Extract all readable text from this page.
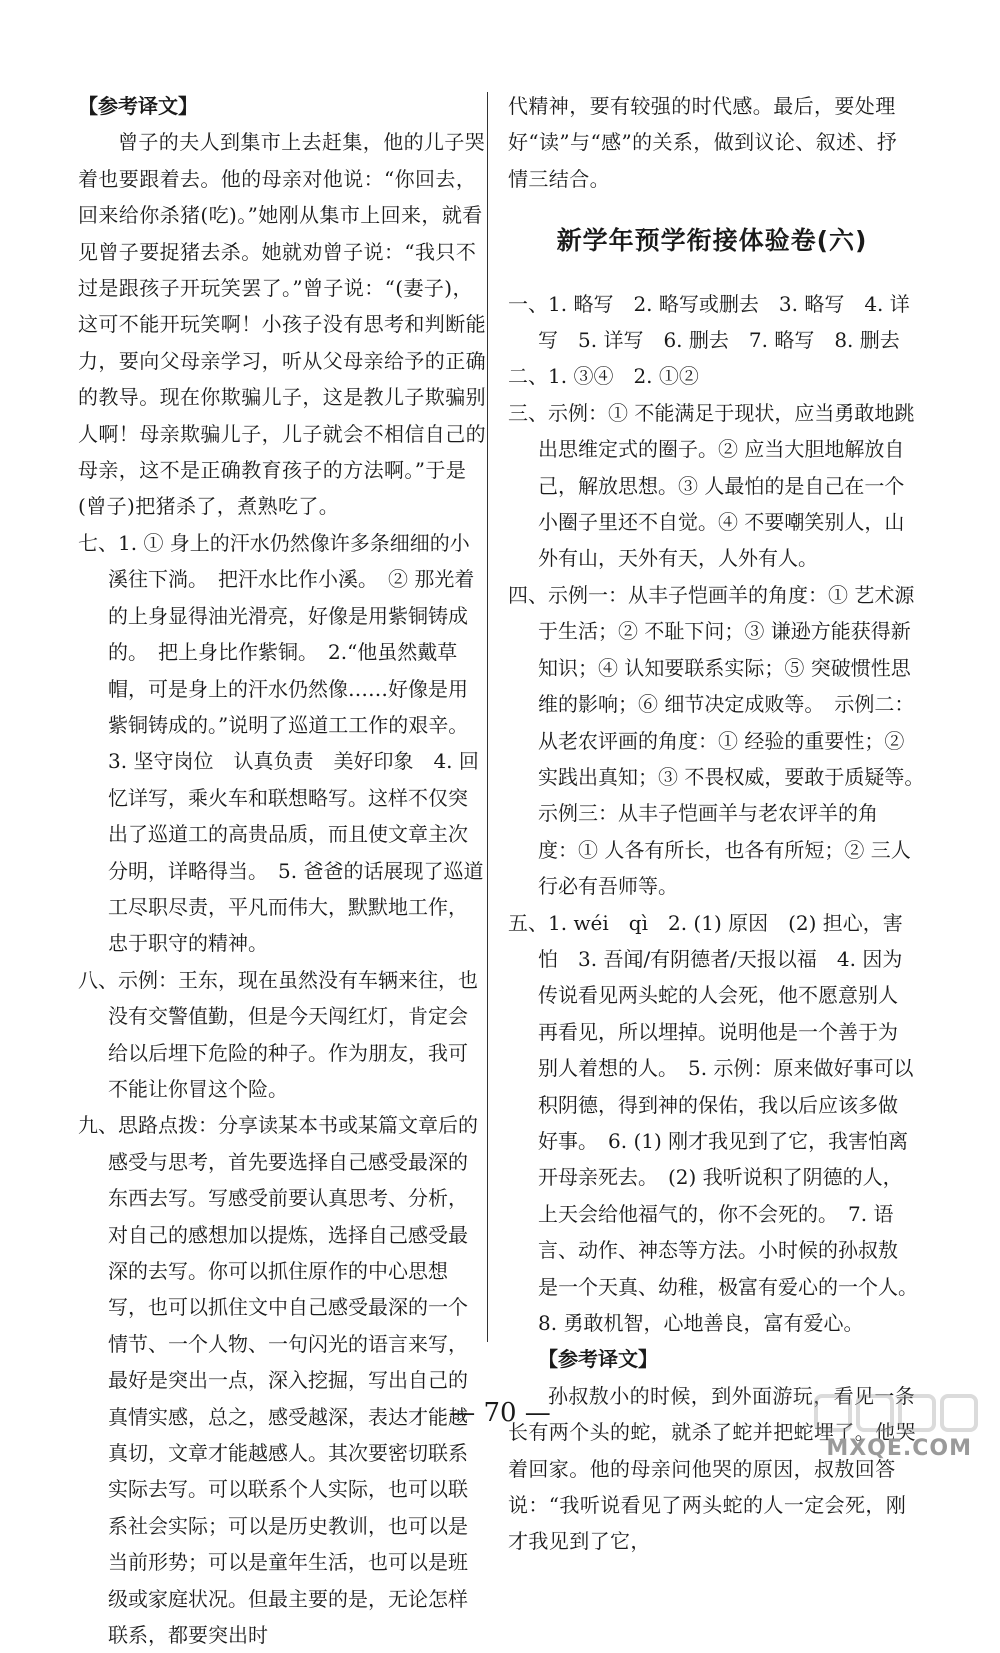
【参考译文】

曾子的夫人到集市上去赶集，他的儿子哭着也要跟着去。他的母亲对他说：“你回去，回来给你杀猪(吃)。”她刚从集市上回来，就看见曾子要捉猪去杀。她就劝曾子说：“我只不过是跟孩子开玩笑罢了。”曾子说：“(妻子)，这可不能开玩笑啊！小孩子没有思考和判断能力，要向父母亲学习，听从父母亲给予的正确的教导。现在你欺骗儿子，这是教儿子欺骗别人啊！母亲欺骗儿子，儿子就会不相信自己的母亲，这不是正确教育孩子的方法啊。”于是(曾子)把猪杀了，煮熟吃了。

七、1. ① 身上的汗水仍然像许多条细细的小溪往下淌。　把汗水比作小溪。　② 那光着的上身显得油光滑亮，好像是用紫铜铸成的。　把上身比作紫铜。　2.“他虽然戴草帽，可是身上的汗水仍然像……好像是用紫铜铸成的。”说明了巡道工工作的艰辛。　3. 坚守岗位　认真负责　美好印象　4. 回忆详写，乘火车和联想略写。这样不仅突出了巡道工的高贵品质，而且使文章主次分明，详略得当。　5. 爸爸的话展现了巡道工尽职尽责，平凡而伟大，默默地工作，忠于职守的精神。
八、示例：王东，现在虽然没有车辆来往，也没有交警值勤，但是今天闯红灯，肯定会给以后埋下危险的种子。作为朋友，我可不能让你冒这个险。
九、思路点拨：分享读某本书或某篇文章后的感受与思考，首先要选择自己感受最深的东西去写。写感受前要认真思考、分析，对自己的感想加以提炼，选择自己感受最深的去写。你可以抓住原作的中心思想写，也可以抓住文中自己感受最深的一个情节、一个人物、一句闪光的语言来写，最好是突出一点，深入挖掘，写出自己的真情实感，总之，感受越深，表达才能越真切，文章才能越感人。其次要密切联系实际去写。可以联系个人实际，也可以联系社会实际；可以是历史教训，也可以是当前形势；可以是童年生活，也可以是班级或家庭状况。但最主要的是，无论怎样联系，都要突出时

代精神，要有较强的时代感。最后，要处理好“读”与“感”的关系，做到议论、叙述、抒情三结合。

新学年预学衔接体验卷(六)
一、1. 略写　2. 略写或删去　3. 略写　4. 详写　5. 详写　6. 删去　7. 略写　8. 删去
二、1. ③④　2. ①②
三、示例：① 不能满足于现状，应当勇敢地跳出思维定式的圈子。② 应当大胆地解放自己，解放思想。③ 人最怕的是自己在一个小圈子里还不自觉。④ 不要嘲笑别人，山外有山，天外有天，人外有人。
四、示例一：从丰子恺画羊的角度：① 艺术源于生活；② 不耻下问；③ 谦逊方能获得新知识；④ 认知要联系实际；⑤ 突破惯性思维的影响；⑥ 细节决定成败等。　示例二：从老农评画的角度：① 经验的重要性；② 实践出真知；③ 不畏权威，要敢于质疑等。　示例三：从丰子恺画羊与老农评羊的角度：① 人各有所长，也各有所短；② 三人行必有吾师等。
五、1. wéi　qì　2. (1) 原因　(2) 担心，害怕　3. 吾闻/有阴德者/天报以福　4. 因为传说看见两头蛇的人会死，他不愿意别人再看见，所以埋掉。说明他是一个善于为别人着想的人。　5. 示例：原来做好事可以积阴德，得到神的保佑，我以后应该多做好事。　6. (1) 刚才我见到了它，我害怕离开母亲死去。　(2) 我听说积了阴德的人，上天会给他福气的，你不会死的。　7. 语言、动作、神态等方法。小时候的孙叔敖是一个天真、幼稚，极富有爱心的一个人。　8. 勇敢机智，心地善良，富有爱心。

【参考译文】

孙叔敖小的时候，到外面游玩，看见一条长有两个头的蛇，就杀了蛇并把蛇埋了。他哭着回家。他的母亲问他哭的原因，叔敖回答说：“我听说看见了两头蛇的人一定会死，刚才我见到了它，

— 70 —
MXQE.COM
